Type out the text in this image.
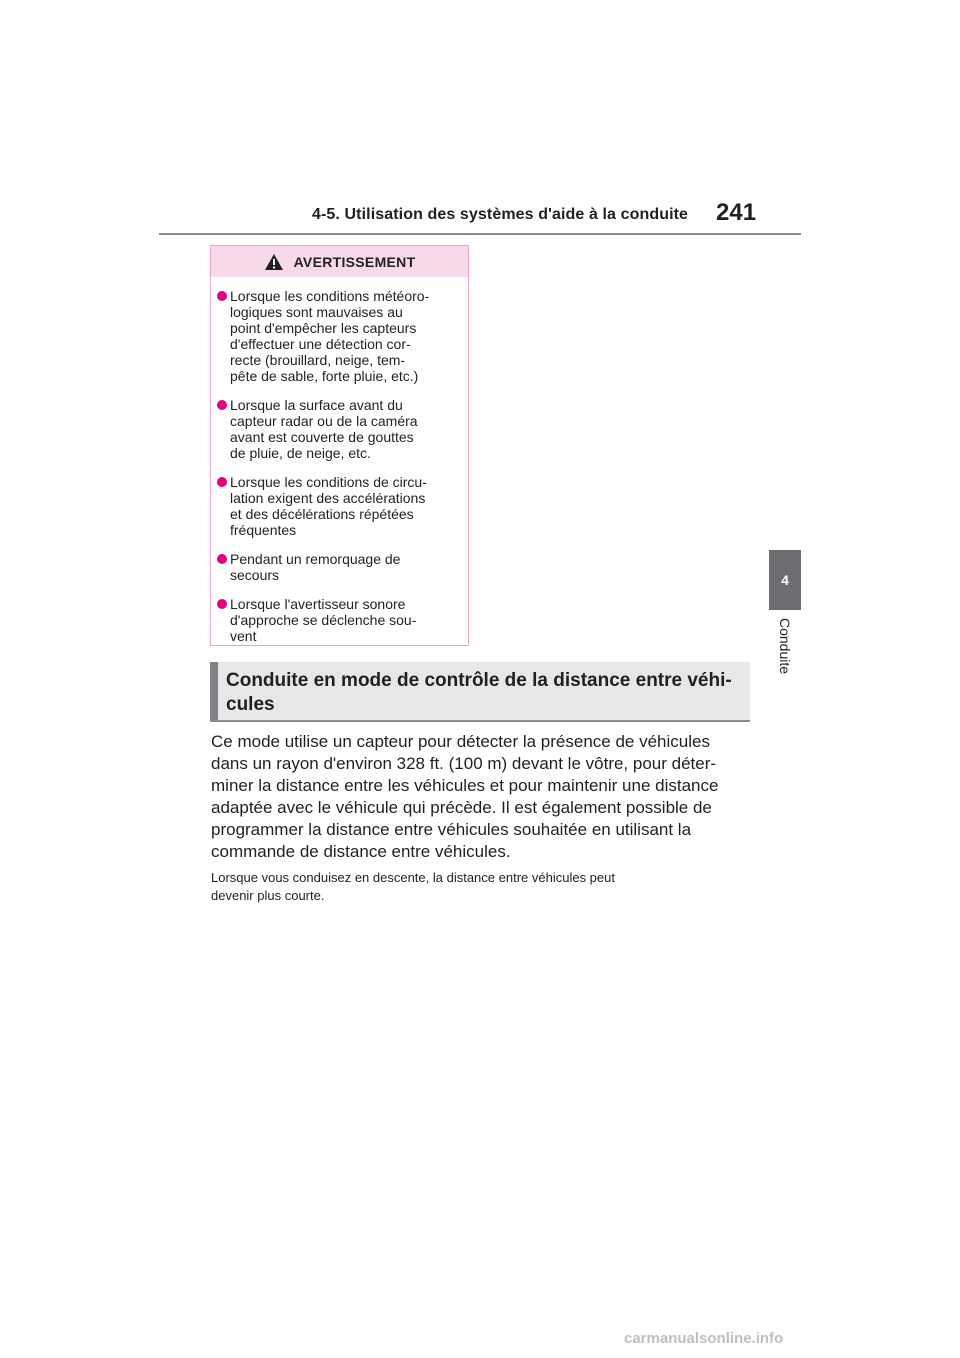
4-5. Utilisation des systèmes d'aide à la conduite 241
4
Conduite
AVERTISSEMENT
Lorsque les conditions météoro-
logiques sont mauvaises au
point d'empêcher les capteurs
d'effectuer une détection cor-
recte (brouillard, neige, tem-
pête de sable, forte pluie, etc.)
Lorsque la surface avant du
capteur radar ou de la caméra
avant est couverte de gouttes
de pluie, de neige, etc.
Lorsque les conditions de circu-
lation exigent des accélérations
et des décélérations répétées
fréquentes
Pendant un remorquage de
secours
Lorsque l'avertisseur sonore
d'approche se déclenche sou-
vent
Conduite en mode de contrôle de la distance entre véhi-
cules

Ce mode utilise un capteur pour détecter la présence de véhicules
dans un rayon d'environ 328 ft. (100 m) devant le vôtre, pour déter-
miner la distance entre les véhicules et pour maintenir une distance
adaptée avec le véhicule qui précède. Il est également possible de
programmer la distance entre véhicules souhaitée en utilisant la
commande de distance entre véhicules.

Lorsque vous conduisez en descente, la distance entre véhicules peut
devenir plus courte.

carmanualsonline.info
